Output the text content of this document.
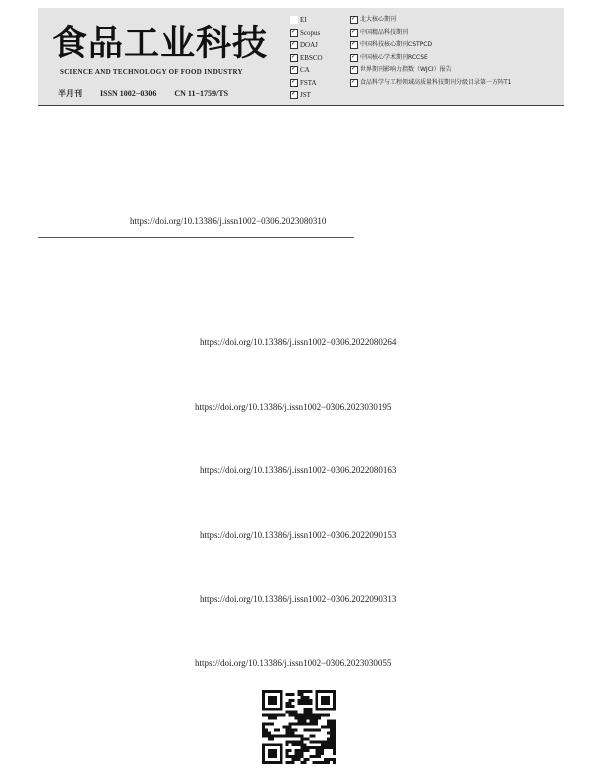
食品工业科技
SCIENCE AND TECHNOLOGY OF FOOD INDUSTRY
半月刊 ISSN 1002−0306 CN 11−1759/TS
EI
✓
Scopus
✓
DOAJ
✓
EBSCO
✓
CA
✓
FSTA
✓
JST
✓
北大核心期刊
✓
中国精品科技期刊
✓
中国科技核心期刊CSTPCD
✓
中国核心学术期刊RCCSE
✓
世界期刊影响力指数（WJCI）报告
✓
食品科学与工程领域高质量科技期刊分级目录第一方阵T1
https://doi.org/10.13386/j.issn1002−0306.2023080310
https://doi.org/10.13386/j.issn1002−0306.2022080264
https://doi.org/10.13386/j.issn1002−0306.2023030195
https://doi.org/10.13386/j.issn1002−0306.2022080163
https://doi.org/10.13386/j.issn1002−0306.2022090153
https://doi.org/10.13386/j.issn1002−0306.2022090313
https://doi.org/10.13386/j.issn1002−0306.2023030055
